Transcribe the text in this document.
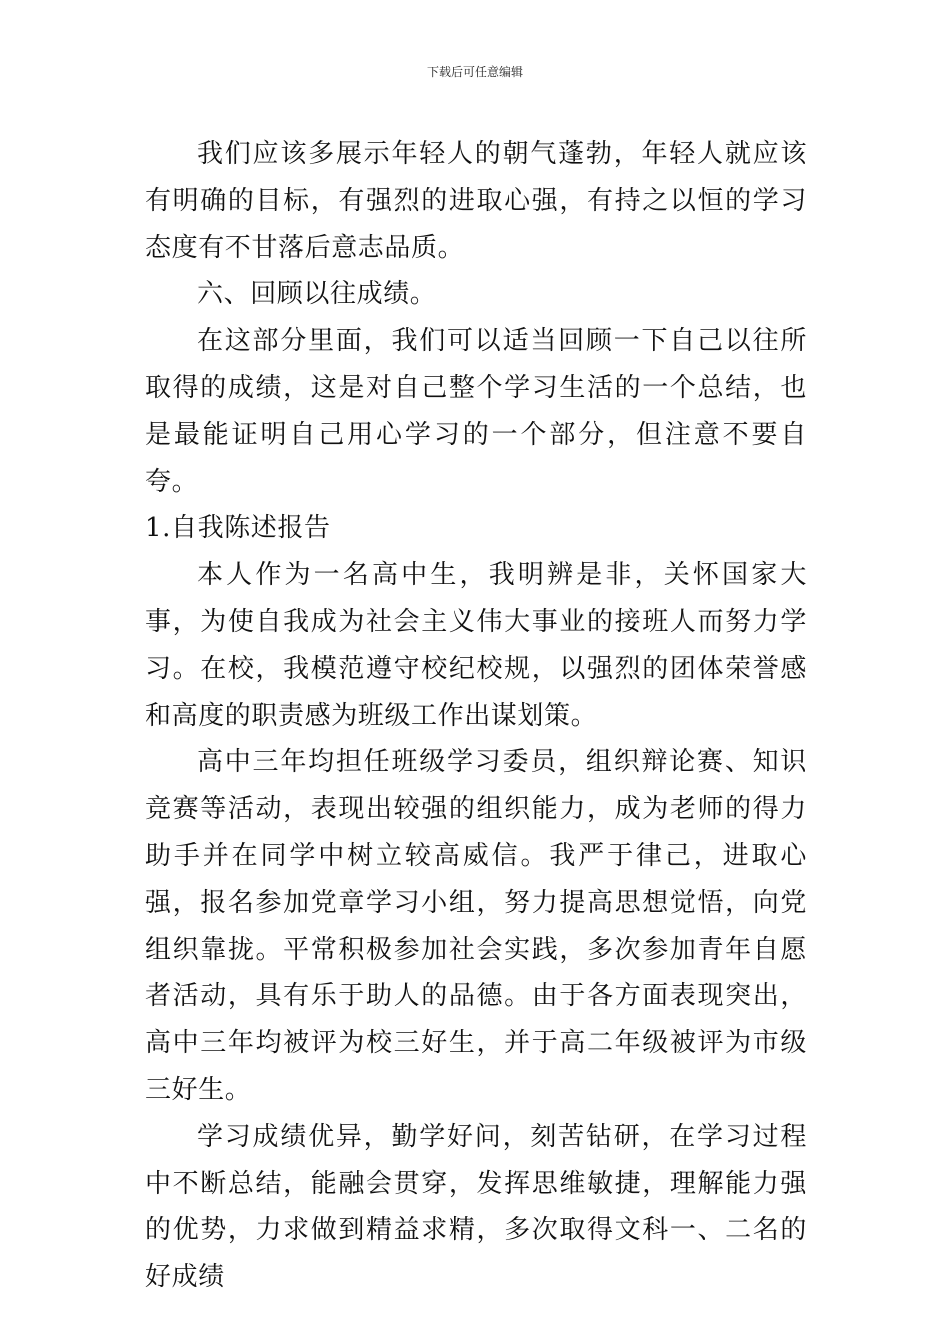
下载后可任意编辑

我们应该多展示年轻人的朝气蓬勃，年轻人就应该有明确的目标，有强烈的进取心强，有持之以恒的学习态度有不甘落后意志品质。

六、回顾以往成绩。

在这部分里面，我们可以适当回顾一下自己以往所取得的成绩，这是对自己整个学习生活的一个总结，也是最能证明自己用心学习的一个部分，但注意不要自夸。

1.自我陈述报告

本人作为一名高中生，我明辨是非，关怀国家大事，为使自我成为社会主义伟大事业的接班人而努力学习。在校，我模范遵守校纪校规，以强烈的团体荣誉感和高度的职责感为班级工作出谋划策。

高中三年均担任班级学习委员，组织辩论赛、知识竞赛等活动，表现出较强的组织能力，成为老师的得力助手并在同学中树立较高威信。我严于律己，进取心强，报名参加党章学习小组，努力提高思想觉悟，向党组织靠拢。平常积极参加社会实践，多次参加青年自愿者活动，具有乐于助人的品德。由于各方面表现突出，高中三年均被评为校三好生，并于高二年级被评为市级三好生。

学习成绩优异，勤学好问，刻苦钻研，在学习过程中不断总结，能融会贯穿，发挥思维敏捷，理解能力强的优势，力求做到精益求精，多次取得文科一、二名的好成绩
